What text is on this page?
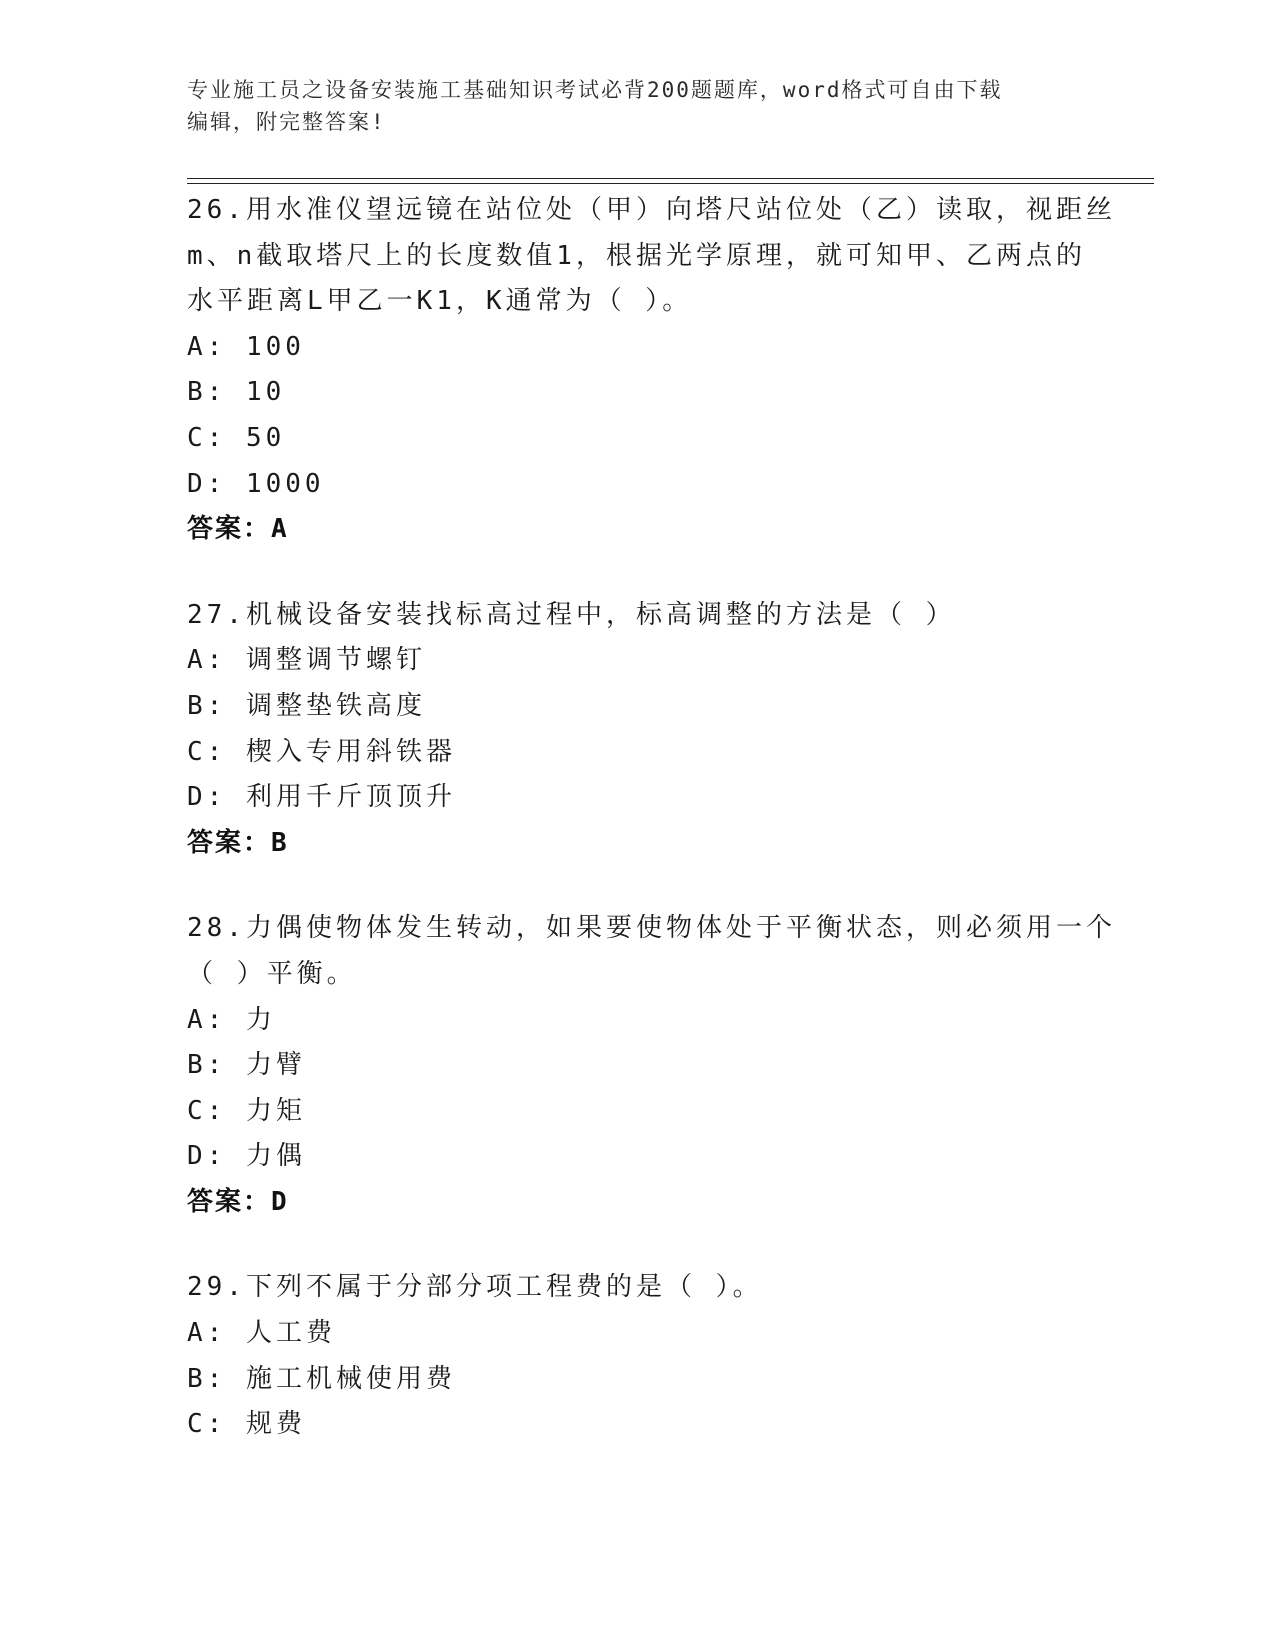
专业施工员之设备安装施工基础知识考试必背200题题库，word格式可自由下载
编辑，附完整答案!
26.用水准仪望远镜在站位处（甲）向塔尺站位处（乙）读取，视距丝
m、n截取塔尺上的长度数值1，根据光学原理，就可知甲、乙两点的
水平距离L甲乙一K1，K通常为（ ）。
A: 100
B: 10
C: 50
D: 1000
答案：A
27.机械设备安装找标高过程中，标高调整的方法是（ ）
A: 调整调节螺钉
B: 调整垫铁高度
C: 楔入专用斜铁器
D: 利用千斤顶顶升
答案：B
28.力偶使物体发生转动，如果要使物体处于平衡状态，则必须用一个
（ ）平衡。
A: 力
B: 力臂
C: 力矩
D: 力偶
答案：D
29.下列不属于分部分项工程费的是（ ）。
A: 人工费
B: 施工机械使用费
C: 规费
